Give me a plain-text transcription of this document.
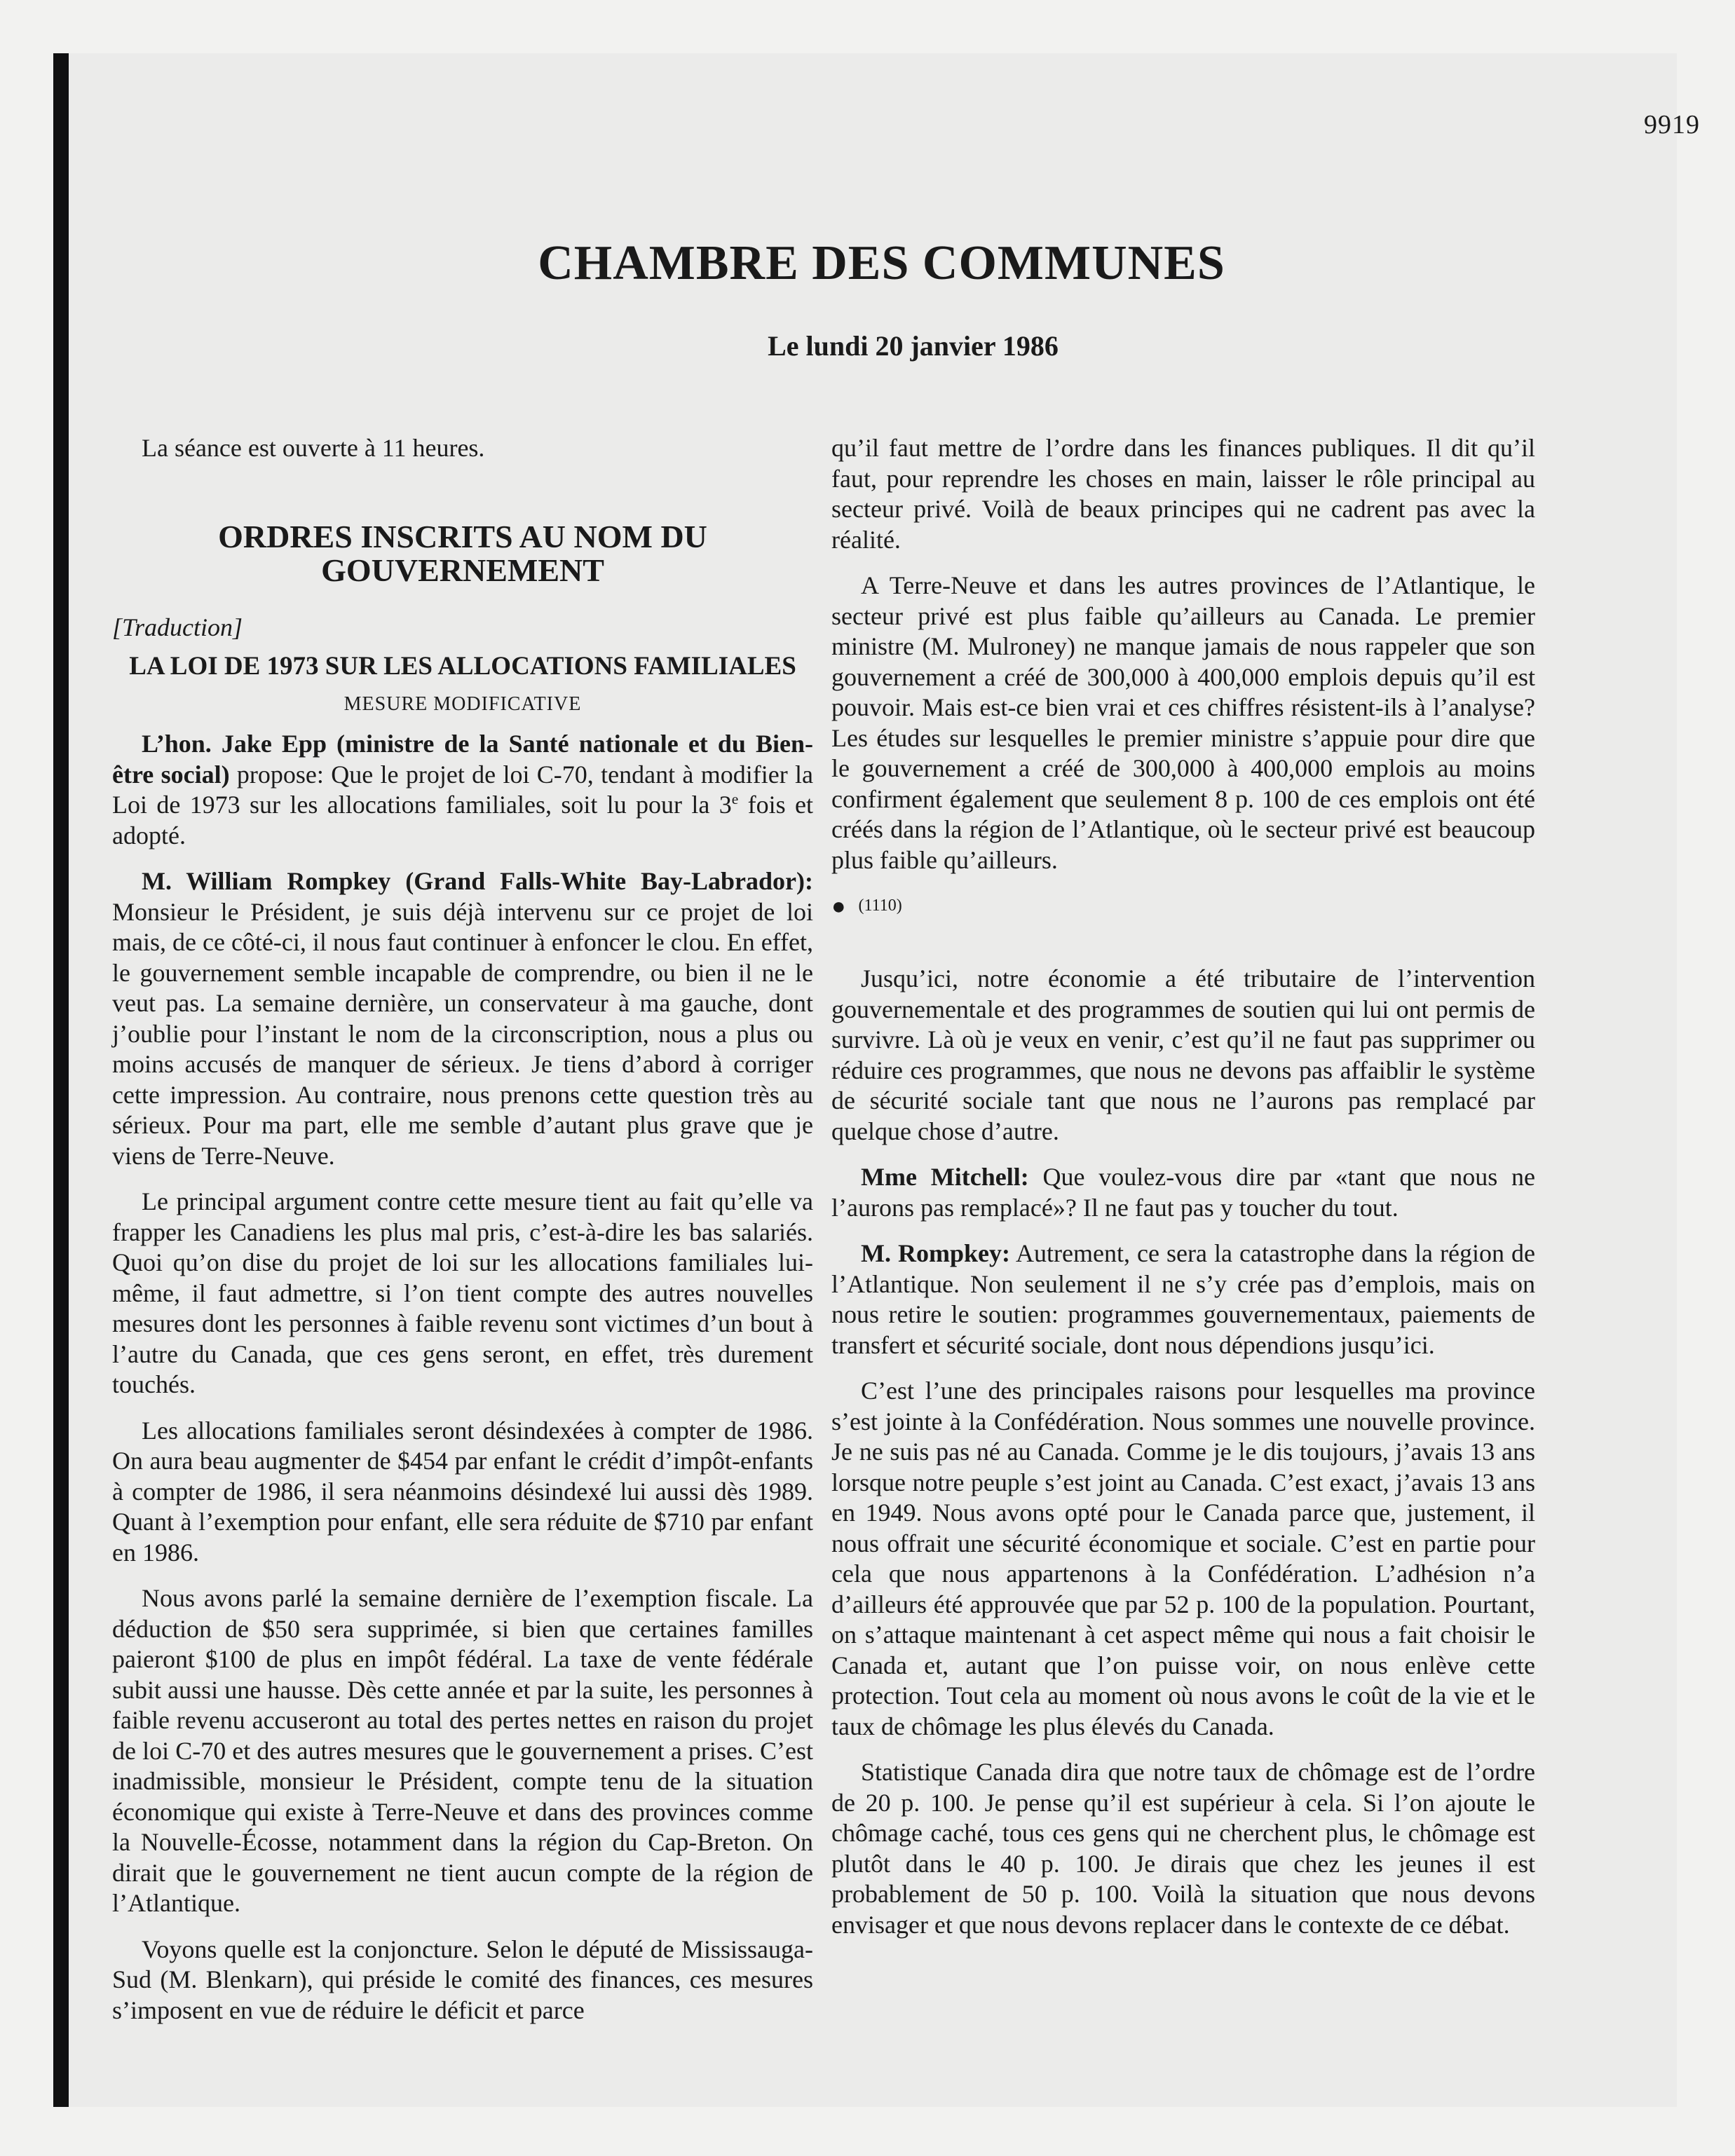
9919
CHAMBRE DES COMMUNES
Le lundi 20 janvier 1986

La séance est ouverte à 11 heures.

ORDRES INSCRITS AU NOM DU
GOUVERNEMENT
[Traduction]
LA LOI DE 1973 SUR LES ALLOCATIONS FAMILIALES
MESURE MODIFICATIVE

L’hon. Jake Epp (ministre de la Santé nationale et du Bien-être social) propose: Que le projet de loi C-70, tendant à modifier la Loi de 1973 sur les allocations familiales, soit lu pour la 3e fois et adopté.

M. William Rompkey (Grand Falls-White Bay-Labrador): Monsieur le Président, je suis déjà intervenu sur ce projet de loi mais, de ce côté-ci, il nous faut continuer à enfoncer le clou. En effet, le gouvernement semble incapable de comprendre, ou bien il ne le veut pas. La semaine dernière, un conservateur à ma gauche, dont j’oublie pour l’instant le nom de la circonscription, nous a plus ou moins accusés de manquer de sérieux. Je tiens d’abord à corriger cette impression. Au contraire, nous prenons cette question très au sérieux. Pour ma part, elle me semble d’autant plus grave que je viens de Terre-Neuve.

Le principal argument contre cette mesure tient au fait qu’elle va frapper les Canadiens les plus mal pris, c’est-à-dire les bas salariés. Quoi qu’on dise du projet de loi sur les allocations familiales lui-même, il faut admettre, si l’on tient compte des autres nouvelles mesures dont les personnes à faible revenu sont victimes d’un bout à l’autre du Canada, que ces gens seront, en effet, très durement touchés.

Les allocations familiales seront désindexées à compter de 1986. On aura beau augmenter de $454 par enfant le crédit d’impôt-enfants à compter de 1986, il sera néanmoins désindexé lui aussi dès 1989. Quant à l’exemption pour enfant, elle sera réduite de $710 par enfant en 1986.

Nous avons parlé la semaine dernière de l’exemption fiscale. La déduction de $50 sera supprimée, si bien que certaines familles paieront $100 de plus en impôt fédéral. La taxe de vente fédérale subit aussi une hausse. Dès cette année et par la suite, les personnes à faible revenu accuseront au total des pertes nettes en raison du projet de loi C-70 et des autres mesures que le gouvernement a prises. C’est inadmissible, monsieur le Président, compte tenu de la situation économique qui existe à Terre-Neuve et dans des provinces comme la Nouvelle-Écosse, notamment dans la région du Cap-Breton. On dirait que le gouvernement ne tient aucun compte de la région de l’Atlantique.

Voyons quelle est la conjoncture. Selon le député de Mississauga-Sud (M. Blenkarn), qui préside le comité des finances, ces mesures s’imposent en vue de réduire le déficit et parce

qu’il faut mettre de l’ordre dans les finances publiques. Il dit qu’il faut, pour reprendre les choses en main, laisser le rôle principal au secteur privé. Voilà de beaux principes qui ne cadrent pas avec la réalité.

A Terre-Neuve et dans les autres provinces de l’Atlantique, le secteur privé est plus faible qu’ailleurs au Canada. Le premier ministre (M. Mulroney) ne manque jamais de nous rappeler que son gouvernement a créé de 300,000 à 400,000 emplois depuis qu’il est pouvoir. Mais est-ce bien vrai et ces chiffres résistent-ils à l’analyse? Les études sur lesquelles le premier ministre s’appuie pour dire que le gouvernement a créé de 300,000 à 400,000 emplois au moins confirment également que seulement 8 p. 100 de ces emplois ont été créés dans la région de l’Atlantique, où le secteur privé est beaucoup plus faible qu’ailleurs.

● (1110)

Jusqu’ici, notre économie a été tributaire de l’intervention gouvernementale et des programmes de soutien qui lui ont permis de survivre. Là où je veux en venir, c’est qu’il ne faut pas supprimer ou réduire ces programmes, que nous ne devons pas affaiblir le système de sécurité sociale tant que nous ne l’aurons pas remplacé par quelque chose d’autre.

Mme Mitchell: Que voulez-vous dire par «tant que nous ne l’aurons pas remplacé»? Il ne faut pas y toucher du tout.

M. Rompkey: Autrement, ce sera la catastrophe dans la région de l’Atlantique. Non seulement il ne s’y crée pas d’emplois, mais on nous retire le soutien: programmes gouvernementaux, paiements de transfert et sécurité sociale, dont nous dépendions jusqu’ici.

C’est l’une des principales raisons pour lesquelles ma province s’est jointe à la Confédération. Nous sommes une nouvelle province. Je ne suis pas né au Canada. Comme je le dis toujours, j’avais 13 ans lorsque notre peuple s’est joint au Canada. C’est exact, j’avais 13 ans en 1949. Nous avons opté pour le Canada parce que, justement, il nous offrait une sécurité économique et sociale. C’est en partie pour cela que nous appartenons à la Confédération. L’adhésion n’a d’ailleurs été approuvée que par 52 p. 100 de la population. Pourtant, on s’attaque maintenant à cet aspect même qui nous a fait choisir le Canada et, autant que l’on puisse voir, on nous enlève cette protection. Tout cela au moment où nous avons le coût de la vie et le taux de chômage les plus élevés du Canada.

Statistique Canada dira que notre taux de chômage est de l’ordre de 20 p. 100. Je pense qu’il est supérieur à cela. Si l’on ajoute le chômage caché, tous ces gens qui ne cherchent plus, le chômage est plutôt dans le 40 p. 100. Je dirais que chez les jeunes il est probablement de 50 p. 100. Voilà la situation que nous devons envisager et que nous devons replacer dans le contexte de ce débat.
